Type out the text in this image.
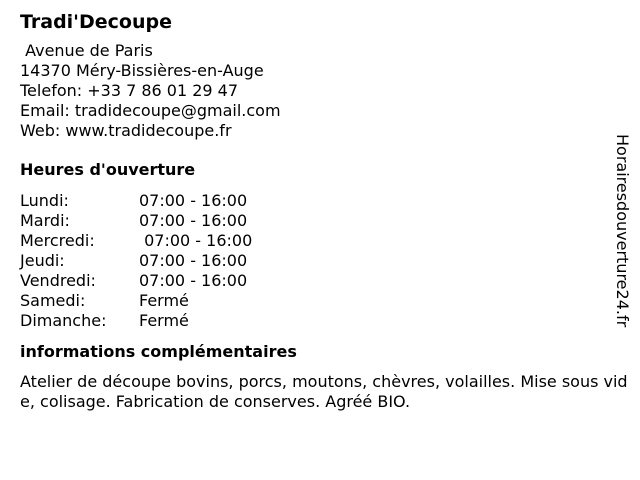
Tradi'Decoupe
Avenue de Paris
14370 Méry-Bissières-en-Auge
Telefon: +33 7 86 01 29 47
Email: tradidecoupe@gmail.com
Web: www.tradidecoupe.fr
Heures d'ouverture
Lundi:	07:00 - 16:00
Mardi:	07:00 - 16:00
Mercredi:	07:00 - 16:00
Jeudi:	07:00 - 16:00
Vendredi:	07:00 - 16:00
Samedi:	Fermé
Dimanche:	Fermé
informations complémentaires
Atelier de découpe bovins, porcs, moutons, chèvres, volailles. Mise sous vide, colisage. Fabrication de conserves. Agréé BIO.
Horairesdouverture24.fr
